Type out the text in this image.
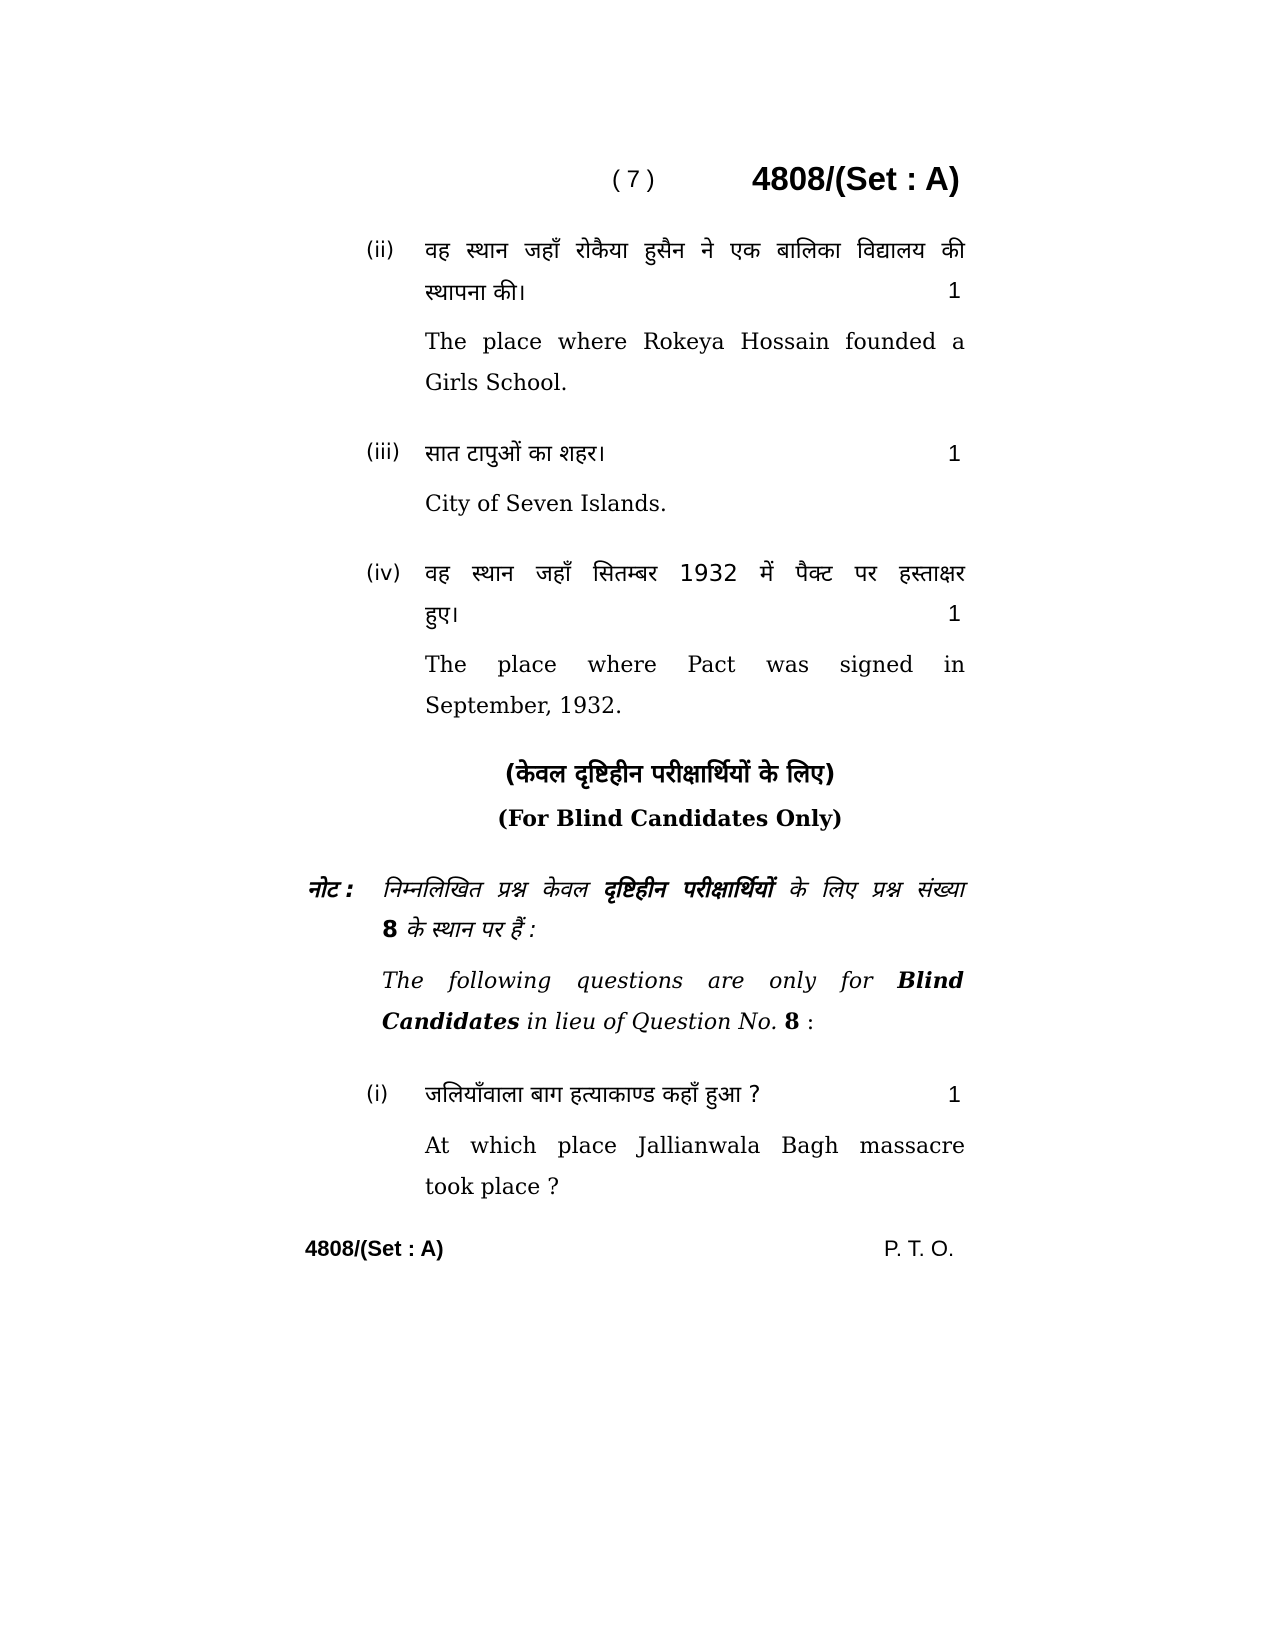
( 7 )	4808/(Set : A)
(ii) वह स्थान जहाँ रोकैया हुसैन ने एक बालिका विद्यालय की
स्थापना की।	1
The place where Rokeya Hossain founded a
Girls School.
(iii) सात टापुओं का शहर।	1
City of Seven Islands.
(iv) वह स्थान जहाँ सितम्बर 1932 में पैक्ट पर हस्ताक्षर
हुए।	1
The place where Pact was signed in
September, 1932.
(केवल दृष्टिहीन परीक्षार्थियों के लिए)
(For Blind Candidates Only)
नोट : निम्नलिखित प्रश्न केवल दृष्टिहीन परीक्षार्थियों के लिए प्रश्न संख्या
8 के स्थान पर हैं :
The following questions are only for Blind
Candidates in lieu of Question No. 8 :
(i) जलियाँवाला बाग हत्याकाण्ड कहाँ हुआ ?	1
At which place Jallianwala Bagh massacre
took place ?
4808/(Set : A)	P. T. O.
